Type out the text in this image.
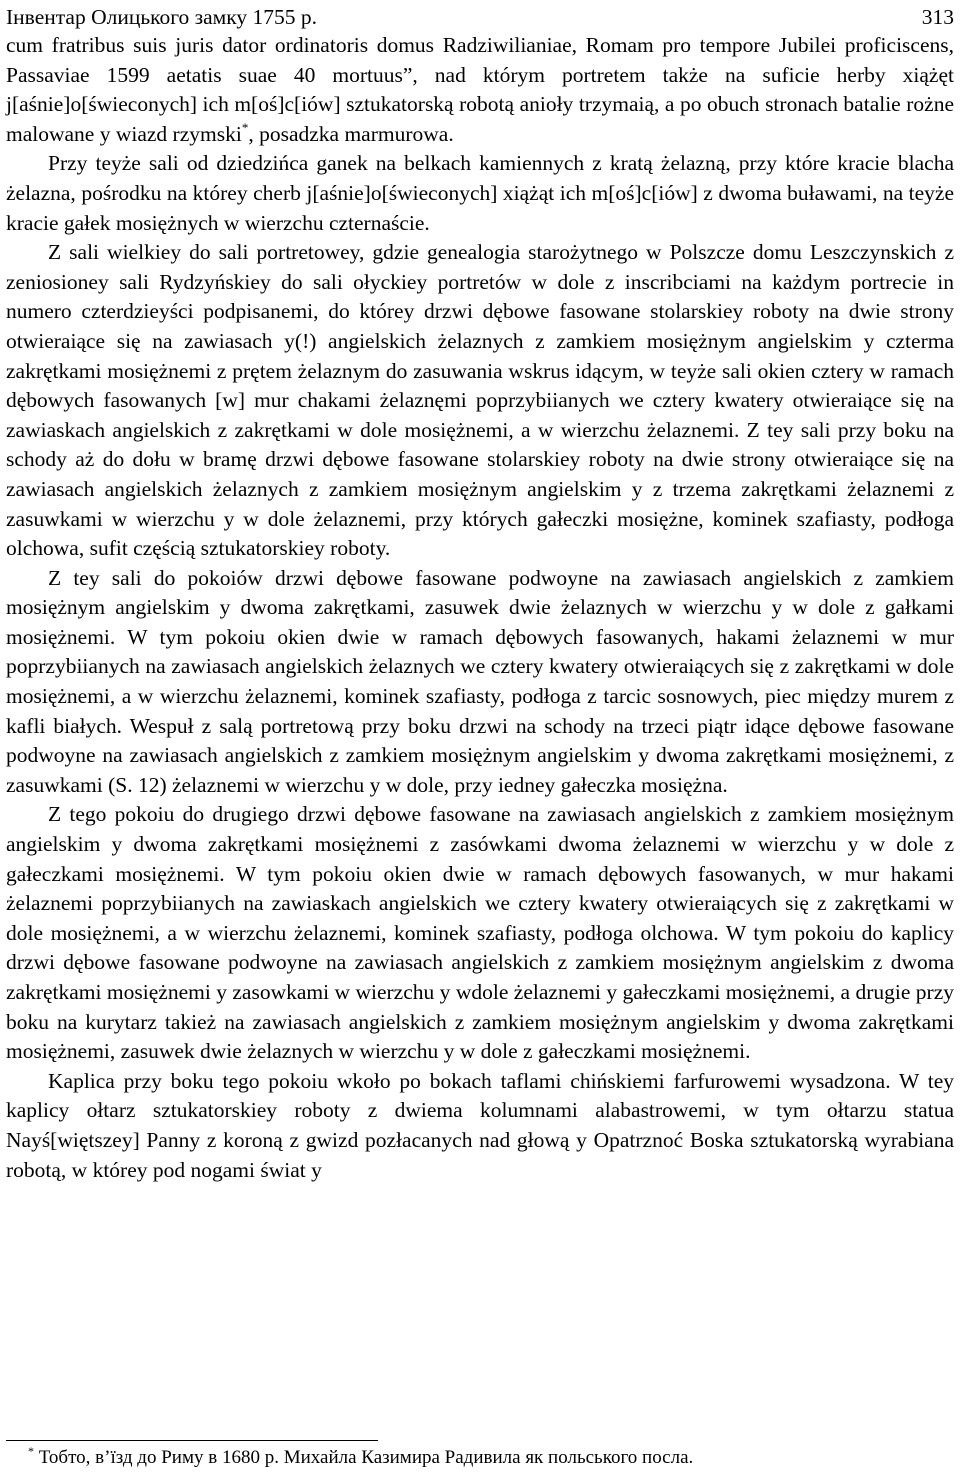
Інвентар Олицького замку 1755 р.	313

cum fratribus suis juris dator ordinatoris domus Radziwilianiae, Romam pro tempore Jubilei proficiscens, Passaviae 1599 aetatis suae 40 mortuus”, nad którym portretem także na suficie herby xiążęt j[aśnie]o[świeconych] ich m[oś]c[iów] sztukatorską robotą anioły trzymaią, a po obuch stronach batalie rożne malowane y wiazd rzymski*, posadzka marmurowa.

Przy teyże sali od dziedzińca ganek na belkach kamiennych z kratą żelazną, przy które kracie blacha żelazna, pośrodku na którey cherb j[aśnie]o[świeconych] xiążąt ich m[oś]c[iów] z dwoma buławami, na teyże kracie gałek mosiężnych w wierzchu czternaście.

Z sali wielkiey do sali portretowey, gdzie genealogia starożytnego w Polszcze domu Leszczynskich z zeniosioney sali Rydzyńskiey do sali ołyckiey portretów w dole z inscribciami na każdym portrecie in numero czterdzieyści podpisanemi, do którey drzwi dębowe fasowane stolarskiey roboty na dwie strony otwieraiące się na zawiasach y(!) angielskich żelaznych z zamkiem mosiężnym angielskim y czterma zakrętkami mosiężnemi z prętem żelaznym do zasuwania wskrus idącym, w teyże sali okien cztery w ramach dębowych fasowanych [w] mur chakami żelaznęmi poprzybiianych we cztery kwatery otwieraiące się na zawiaskach angielskich z zakrętkami w dole mosiężnemi, a w wierzchu żelaznemi. Z tey sali przy boku na schody aż do dołu w bramę drzwi dębowe fasowane stolarskiey roboty na dwie strony otwieraiące się na zawiasach angielskich żelaznych z zamkiem mosiężnym angielskim y z trzema zakrętkami żelaznemi z zasuwkami w wierzchu y w dole żelaznemi, przy których gałeczki mosiężne, kominek szafiasty, podłoga olchowa, sufit częścią sztukatorskiey roboty.

Z tey sali do pokoiów drzwi dębowe fasowane podwoyne na zawiasach angielskich z zamkiem mosiężnym angielskim y dwoma zakrętkami, zasuwek dwie żelaznych w wierzchu y w dole z gałkami mosiężnemi. W tym pokoiu okien dwie w ramach dębowych fasowanych, hakami żelaznemi w mur poprzybiianych na zawiasach angielskich żelaznych we cztery kwatery otwieraiących się z zakrętkami w dole mosiężnemi, a w wierzchu żelaznemi, kominek szafiasty, podłoga z tarcic sosnowych, piec między murem z kafli białych. Wespuł z salą portretową przy boku drzwi na schody na trzeci piątr idące dębowe fasowane podwoyne na zawiasach angielskich z zamkiem mosiężnym angielskim y dwoma zakrętkami mosiężnemi, z zasuwkami (S. 12) żelaznemi w wierzchu y w dole, przy iedney gałeczka mosiężna.

Z tego pokoiu do drugiego drzwi dębowe fasowane na zawiasach angielskich z zamkiem mosiężnym angielskim y dwoma zakrętkami mosiężnemi z zasówkami dwoma żelaznemi w wierzchu y w dole z gałeczkami mosiężnemi. W tym pokoiu okien dwie w ramach dębowych fasowanych, w mur hakami żelaznemi poprzybiianych na zawiaskach angielskich we cztery kwatery otwieraiących się z zakrętkami w dole mosiężnemi, a w wierzchu żelaznemi, kominek szafiasty, podłoga olchowa. W tym pokoiu do kaplicy drzwi dębowe fasowane podwoyne na zawiasach angielskich z zamkiem mosiężnym angielskim z dwoma zakrętkami mosiężnemi y zasowkami w wierzchu y wdole żelaznemi y gałeczkami mosiężnemi, a drugie przy boku na kurytarz takież na zawiasach angielskich z zamkiem mosiężnym angielskim y dwoma zakrętkami mosiężnemi, zasuwek dwie żelaznych w wierzchu y w dole z gałeczkami mosiężnemi.

Kaplica przy boku tego pokoiu wkoło po bokach taflami chińskiemi farfurowemi wysadzona. W tey kaplicy ołtarz sztukatorskiey roboty z dwiema kolumnami alabastrowemi, w tym ołtarzu statua Nayś[więtszey] Panny z koroną z gwizd pozłacanych nad głową y Opatrznoć Boska sztukatorską wyrabiana robotą, w którey pod nogami świat y

* Тобто, в’їзд до Риму в 1680 р. Михайла Казимира Радивила як польського посла.
